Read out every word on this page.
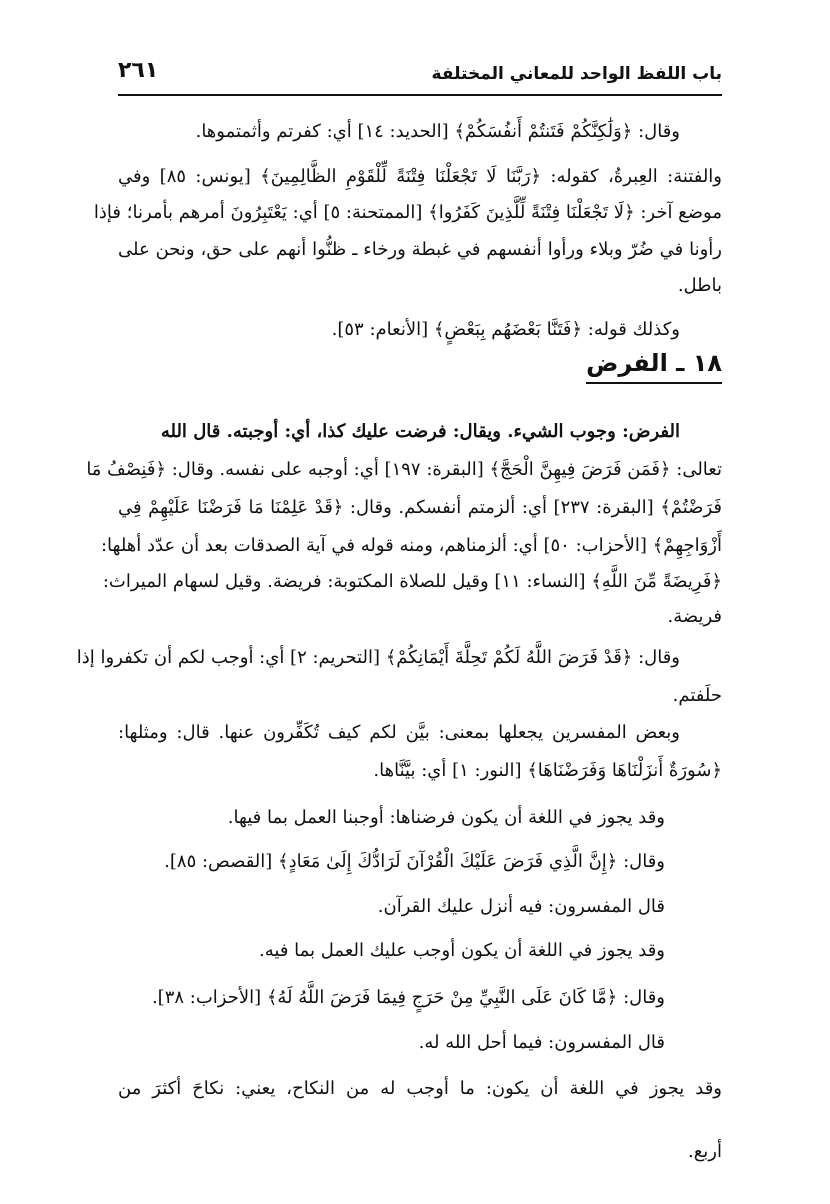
باب اللفظ الواحد للمعاني المختلفة
٢٦١
وقال: ﴿وَلَٰكِنَّكُمْ فَتَنتُمْ أَنفُسَكُمْ﴾ [الحديد: ١٤] أي: كفرتم وأثمتموها.
والفتنة: العِبرةُ، كقوله: ﴿رَبَّنَا لَا تَجْعَلْنَا فِتْنَةً لِّلْقَوْمِ الظَّالِمِينَ﴾ [يونس: ٨٥] وفي
موضع آخر: ﴿لَا تَجْعَلْنَا فِتْنَةً لِّلَّذِينَ كَفَرُوا﴾ [الممتحنة: ٥] أي: يَعْتَبِرُونَ أمرهم بأمرنا؛ فإذا
رأونا في ضُرّ وبلاء ورأوا أنفسهم في غبطة ورخاء ـ ظنُّوا أنهم على حق، ونحن على
باطل.
وكذلك قوله: ﴿فَتَنَّا بَعْضَهُم بِبَعْضٍ﴾ [الأنعام: ٥٣].
١٨ ـ الفرض
الفرض: وجوب الشيء. ويقال: فرضت عليك كذا، أي: أوجبته. قال الله
تعالى: ﴿فَمَن فَرَضَ فِيهِنَّ الْحَجَّ﴾ [البقرة: ١٩٧] أي: أوجبه على نفسه. وقال: ﴿فَنِصْفُ مَا
فَرَضْتُمْ﴾ [البقرة: ٢٣٧] أي: ألزمتم أنفسكم. وقال: ﴿قَدْ عَلِمْنَا مَا فَرَضْنَا عَلَيْهِمْ فِي
أَزْوَاجِهِمْ﴾ [الأحزاب: ٥٠] أي: ألزمناهم، ومنه قوله في آية الصدقات بعد أن عدّد أهلها:
﴿فَرِيضَةً مِّنَ اللَّهِ﴾ [النساء: ١١] وقيل للصلاة المكتوبة: فريضة. وقيل لسهام الميراث:
فريضة.
وقال: ﴿قَدْ فَرَضَ اللَّهُ لَكُمْ تَحِلَّةَ أَيْمَانِكُمْ﴾ [التحريم: ٢] أي: أوجب لكم أن تكفروا إذا
حلَفتم.
وبعض المفسرين يجعلها بمعنى: بيَّن لكم كيف تُكَفِّرون عنها. قال: ومثلها:
﴿سُورَةٌ أَنزَلْنَاهَا وَفَرَضْنَاهَا﴾ [النور: ١] أي: بيَّنَّاها.
وقد يجوز في اللغة أن يكون فرضناها: أوجبنا العمل بما فيها.
وقال: ﴿إِنَّ الَّذِي فَرَضَ عَلَيْكَ الْقُرْآنَ لَرَادُّكَ إِلَىٰ مَعَادٍ﴾ [القصص: ٨٥].
قال المفسرون: فيه أنزل عليك القرآن.
وقد يجوز في اللغة أن يكون أوجب عليك العمل بما فيه.
وقال: ﴿مَّا كَانَ عَلَى النَّبِيِّ مِنْ حَرَجٍ فِيمَا فَرَضَ اللَّهُ لَهُ﴾ [الأحزاب: ٣٨].
قال المفسرون: فيما أحل الله له.
وقد يجوز في اللغة أن يكون: ما أوجب له من النكاح، يعني: نكاحَ أكثرَ من
أربع.
